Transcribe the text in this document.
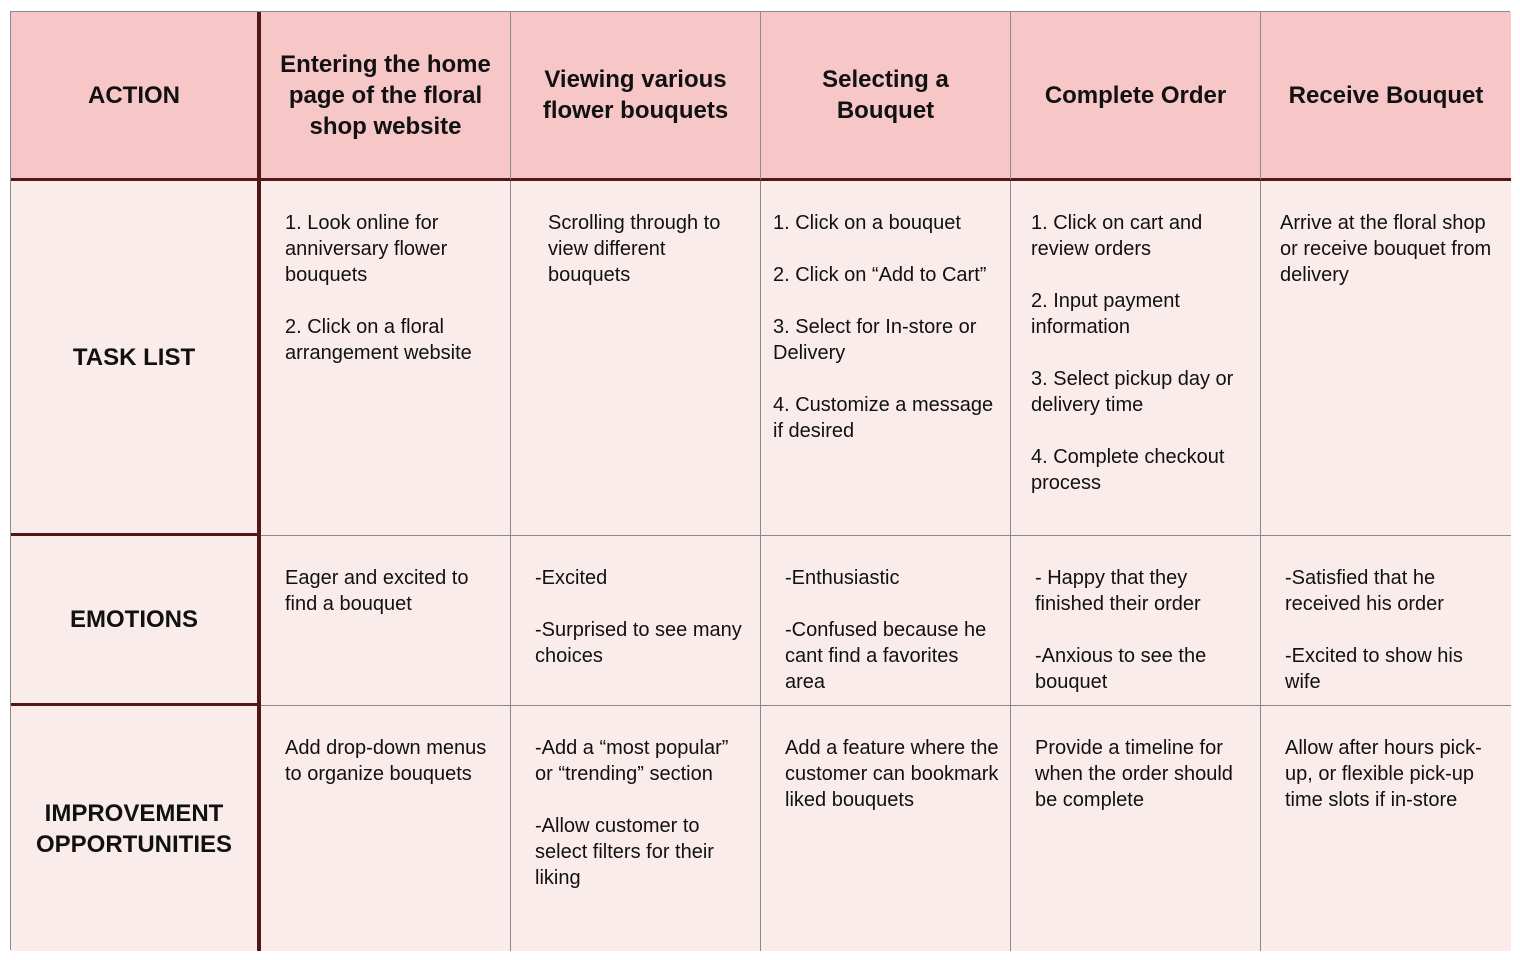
ACTION
Entering the home page of the floral shop website
Viewing various flower bouquets
Selecting a Bouquet
Complete Order	Receive Bouquet
TASK LIST

1. Look online for anniversary flower bouquets

2. Click on a floral arrangement website

Scrolling through to view different bouquets

1. Click on a bouquet

2. Click on “Add to Cart”

3. Select for In-store or Delivery

4. Customize a message if desired

1. Click on cart and review orders

2. Input payment information

3. Select pickup day or delivery time

4. Complete checkout process

Arrive at the floral shop or receive bouquet from delivery

EMOTIONS

Eager and excited to find a bouquet

-Excited

-Surprised to see many choices

-Enthusiastic

-Confused because he cant find a favorites area

- Happy that they finished their order

-Anxious to see the bouquet

-Satisfied that he received his order

-Excited to show his wife

IMPROVEMENT OPPORTUNITIES

Add drop-down menus to organize bouquets

-Add a “most popular” or “trending” section

-Allow customer to select filters for their liking

Add a feature where the customer can bookmark liked bouquets

Provide a timeline for when the order should be complete

Allow after hours pick-up, or flexible pick-up time slots if in-store
